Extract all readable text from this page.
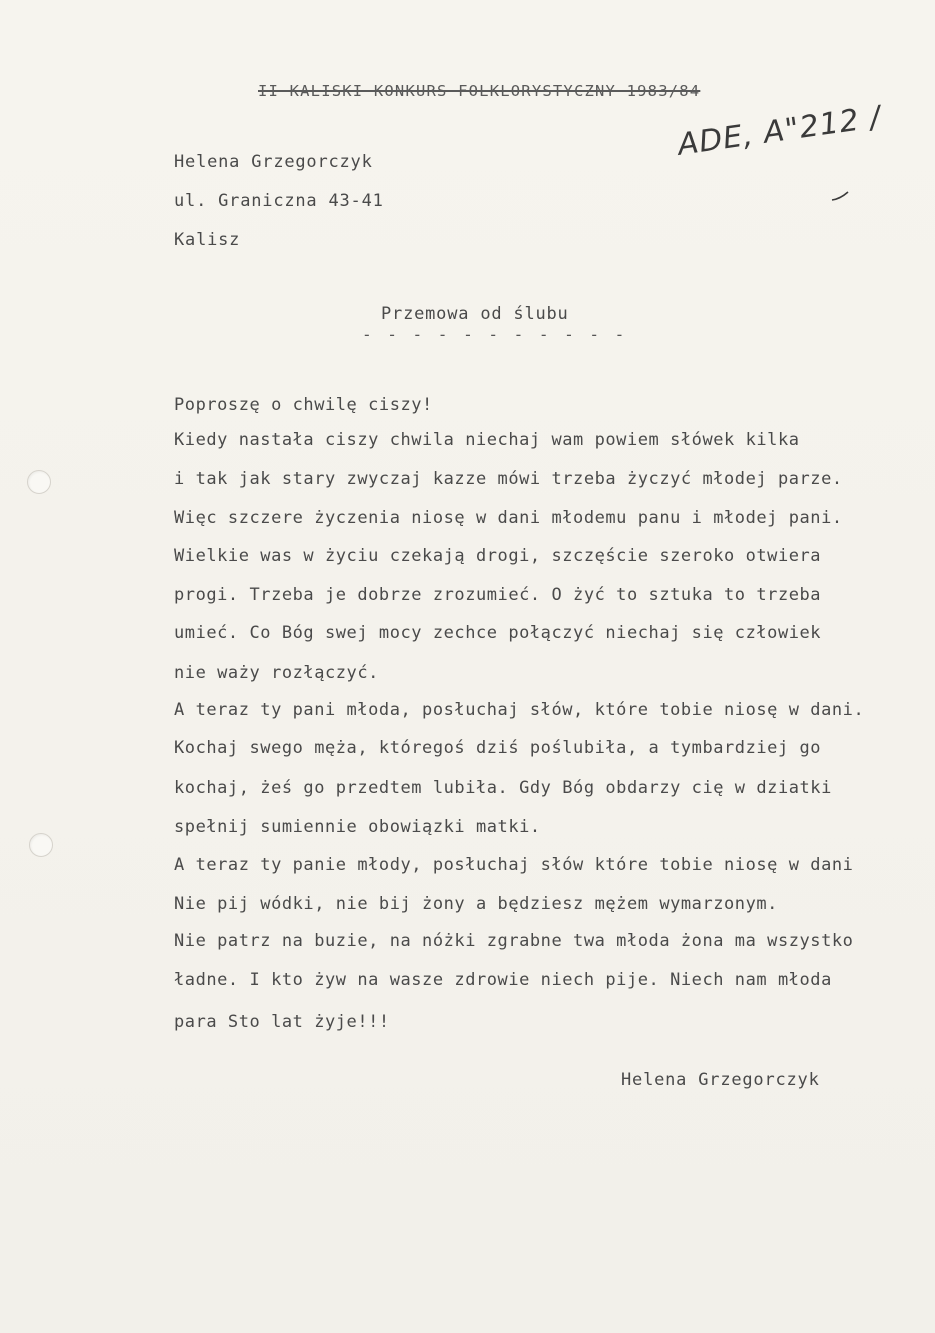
II KALISKI KONKURS FOLKLORYSTYCZNY 1983/84
ADE, A"212 /
Helena Grzegorczyk
ul. Graniczna 43-41
Kalisz
Przemowa od ślubu
- - - - - - - - - - -
Poproszę o chwilę ciszy!
Kiedy nastała ciszy chwila niechaj wam powiem słówek kilka
i tak jak stary zwyczaj kazze mówi trzeba życzyć młodej parze.
Więc szczere życzenia niosę w dani młodemu panu i młodej pani.
Wielkie was w życiu czekają drogi, szczęście szeroko otwiera
progi. Trzeba je dobrze zrozumieć. O żyć to sztuka to trzeba
umieć. Co Bóg swej mocy zechce połączyć niechaj się człowiek
nie waży rozłączyć.
A teraz ty pani młoda, posłuchaj słów, które tobie niosę w dani.
Kochaj swego męża, któregoś dziś poślubiła, a tymbardziej go
kochaj, żeś go przedtem lubiła. Gdy Bóg obdarzy cię w dziatki
spełnij sumiennie obowiązki matki.
A teraz ty panie młody, posłuchaj słów które tobie niosę w dani
Nie pij wódki, nie bij żony a będziesz mężem wymarzonym.
Nie patrz na buzie, na nóżki zgrabne twa młoda żona ma wszystko
ładne. I kto żyw na wasze zdrowie niech pije. Niech nam młoda
para Sto lat żyje!!!
Helena Grzegorczyk
